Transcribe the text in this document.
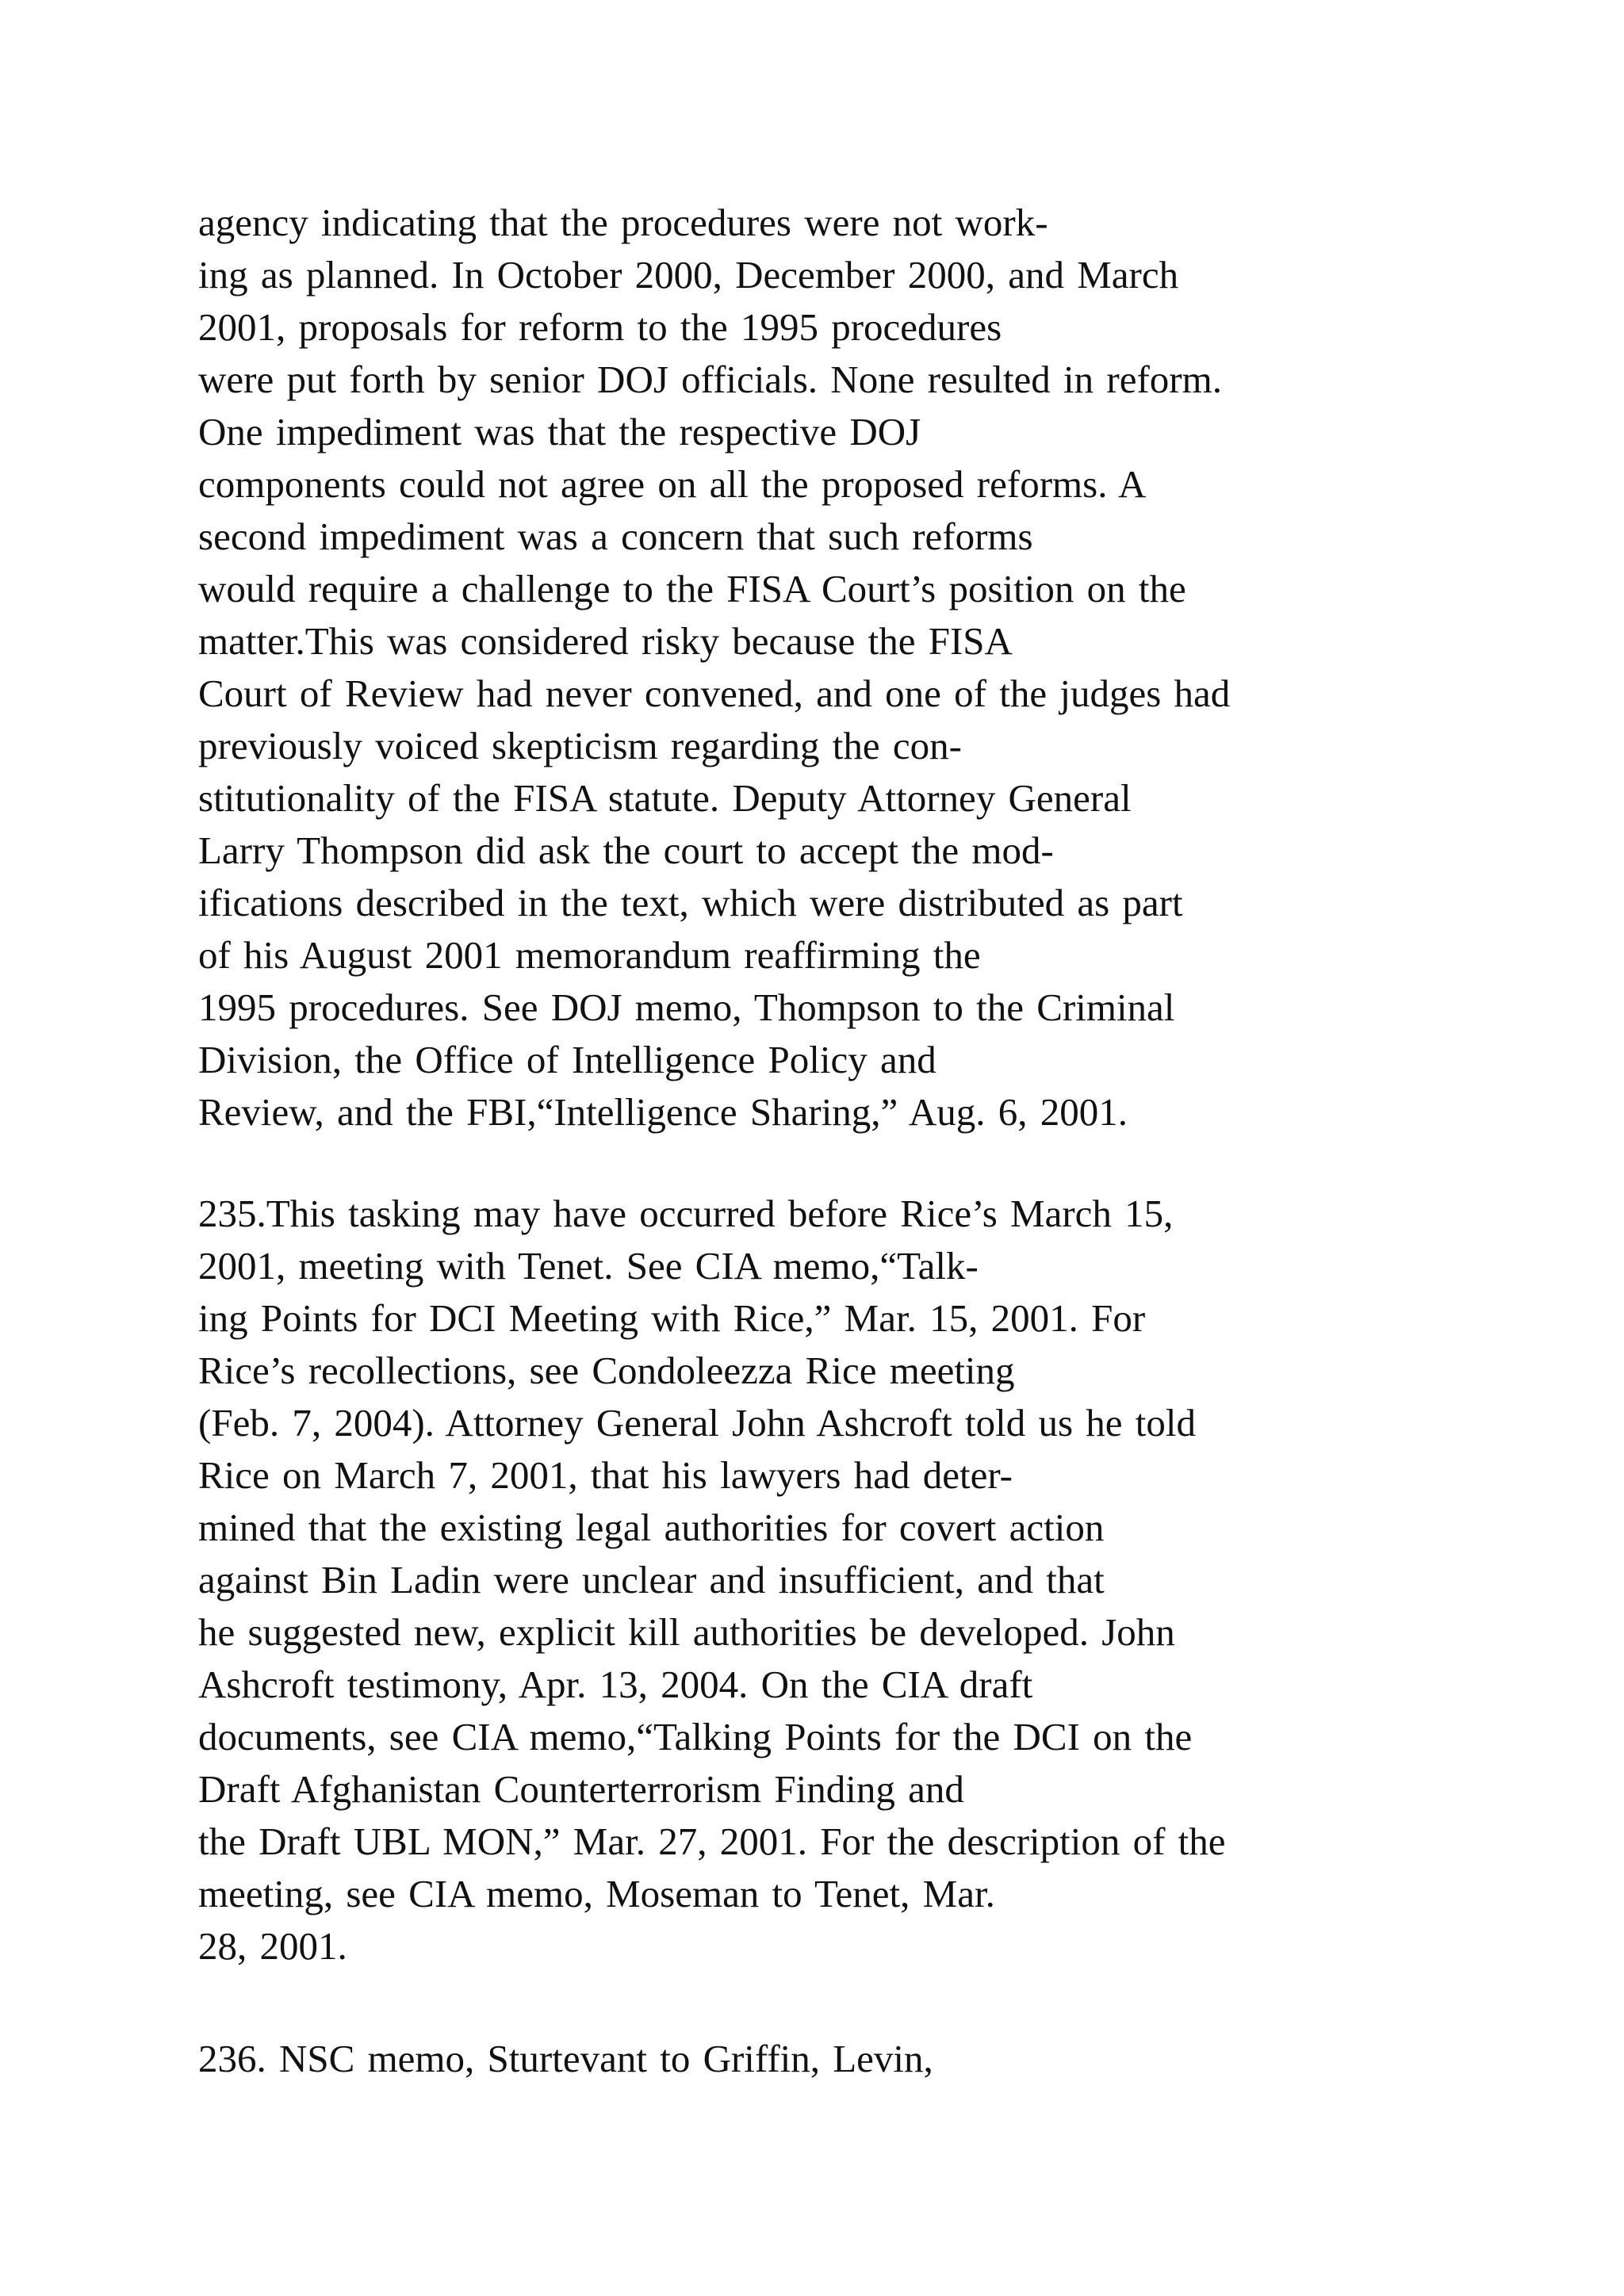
agency indicating that the procedures were not work-
ing as planned. In October 2000, December 2000, and March
2001, proposals for reform to the 1995 procedures
were put forth by senior DOJ officials. None resulted in reform.
One impediment was that the respective DOJ
components could not agree on all the proposed reforms. A
second impediment was a concern that such reforms
would require a challenge to the FISA Court’s position on the
matter.This was considered risky because the FISA
Court of Review had never convened, and one of the judges had
previously voiced skepticism regarding the con-
stitutionality of the FISA statute. Deputy Attorney General
Larry Thompson did ask the court to accept the mod-
ifications described in the text, which were distributed as part
of his August 2001 memorandum reaffirming the
1995 procedures. See DOJ memo, Thompson to the Criminal
Division, the Office of Intelligence Policy and
Review, and the FBI,“Intelligence Sharing,” Aug. 6, 2001.
235.This tasking may have occurred before Rice’s March 15,
2001, meeting with Tenet. See CIA memo,“Talk-
ing Points for DCI Meeting with Rice,” Mar. 15, 2001. For
Rice’s recollections, see Condoleezza Rice meeting
(Feb. 7, 2004). Attorney General John Ashcroft told us he told
Rice on March 7, 2001, that his lawyers had deter-
mined that the existing legal authorities for covert action
against Bin Ladin were unclear and insufficient, and that
he suggested new, explicit kill authorities be developed. John
Ashcroft testimony, Apr. 13, 2004. On the CIA draft
documents, see CIA memo,“Talking Points for the DCI on the
Draft Afghanistan Counterterrorism Finding and
the Draft UBL MON,” Mar. 27, 2001. For the description of the
meeting, see CIA memo, Moseman to Tenet, Mar.
28, 2001.
236. NSC memo, Sturtevant to Griffin, Levin,
